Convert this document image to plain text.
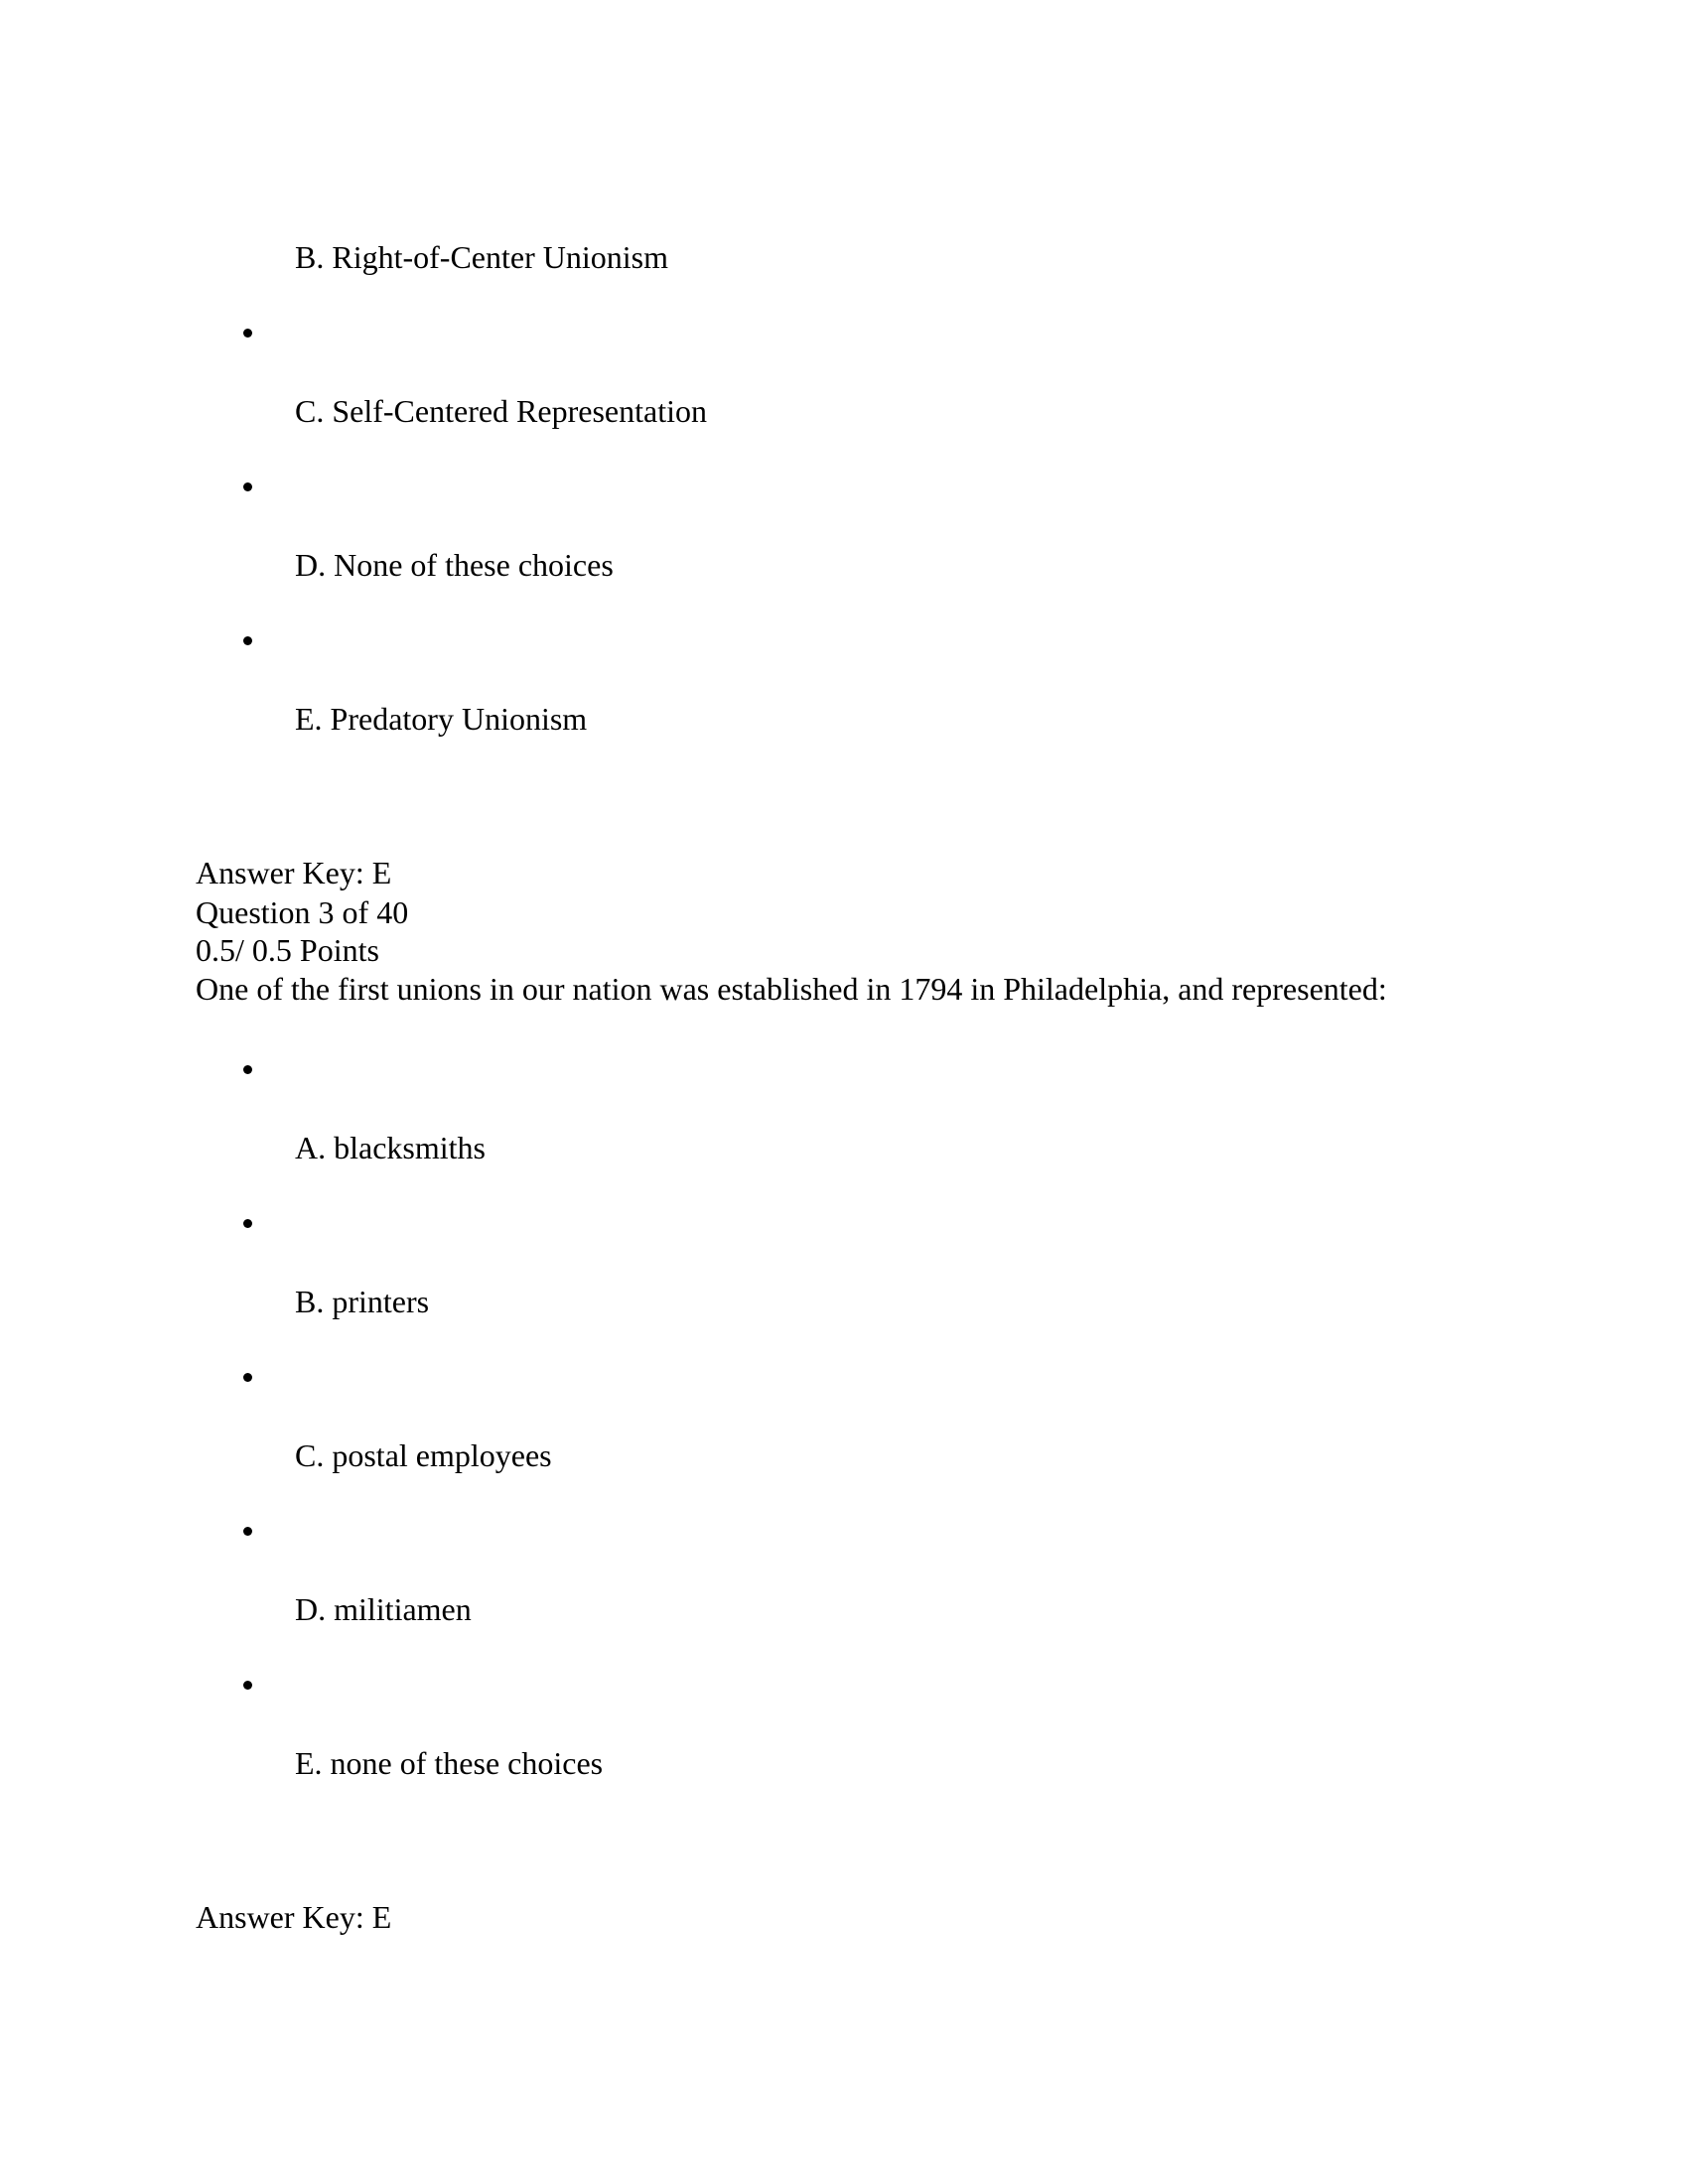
B. Right-of-Center Unionism
C. Self-Centered Representation
D. None of these choices
E. Predatory Unionism
Answer Key: E
Question 3 of 40
0.5/ 0.5 Points
One of the first unions in our nation was established in 1794 in Philadelphia, and represented:
A. blacksmiths
B. printers
C. postal employees
D. militiamen
E. none of these choices
Answer Key: E
